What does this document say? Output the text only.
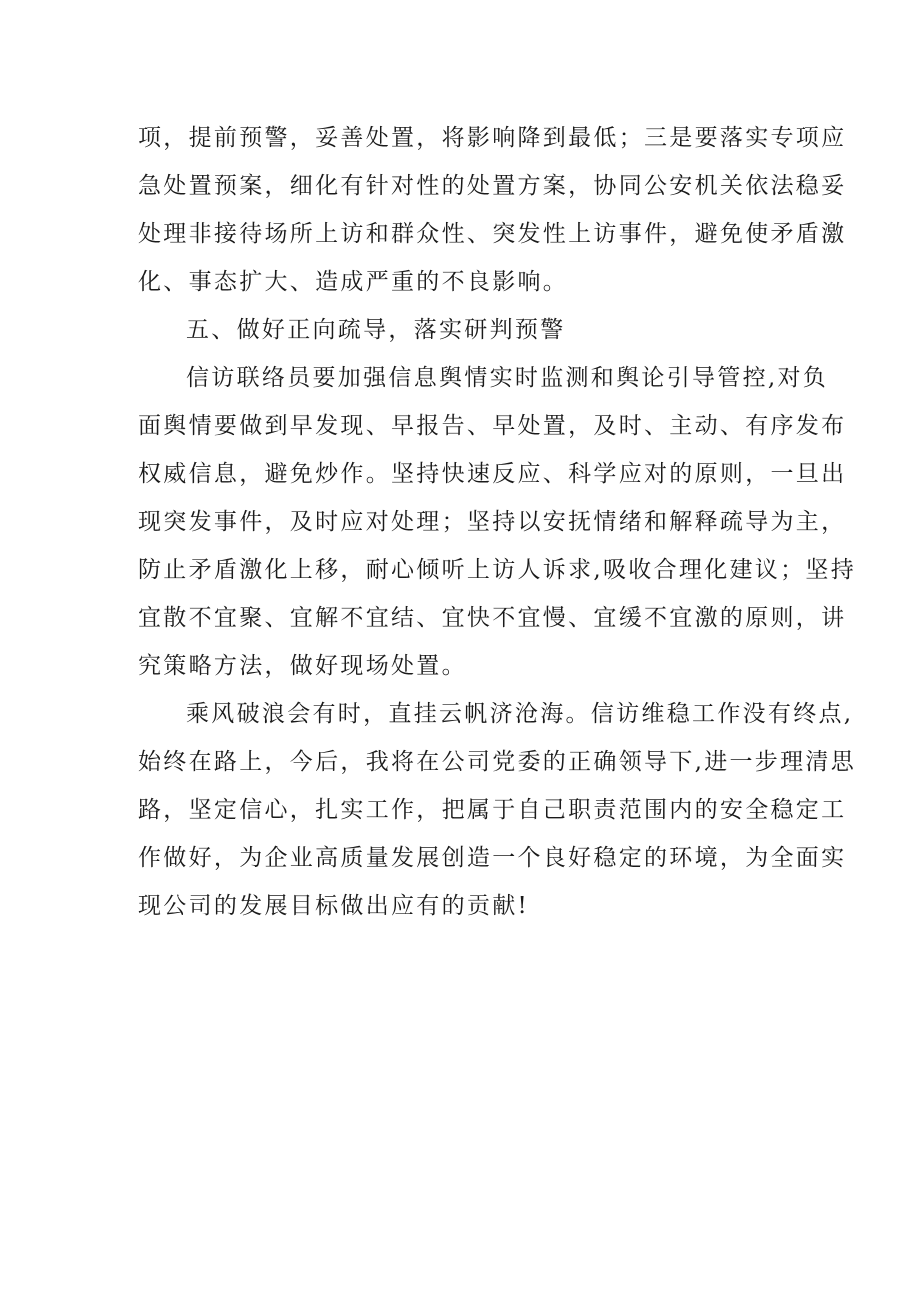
项，提前预警，妥善处置，将影响降到最低；三是要落实专项应
急处置预案，细化有针对性的处置方案，协同公安机关依法稳妥
处理非接待场所上访和群众性、突发性上访事件，避免使矛盾激
化、事态扩大、造成严重的不良影响。
五、做好正向疏导，落实研判预警
信访联络员要加强信息舆情实时监测和舆论引导管控,对负
面舆情要做到早发现、早报告、早处置，及时、主动、有序发布
权威信息，避免炒作。坚持快速反应、科学应对的原则，一旦出
现突发事件，及时应对处理；坚持以安抚情绪和解释疏导为主，
防止矛盾激化上移，耐心倾听上访人诉求,吸收合理化建议；坚持
宜散不宜聚、宜解不宜结、宜快不宜慢、宜缓不宜激的原则，讲
究策略方法，做好现场处置。
乘风破浪会有时，直挂云帆济沧海。信访维稳工作没有终点,
始终在路上，今后，我将在公司党委的正确领导下,进一步理清思
路，坚定信心，扎实工作，把属于自己职责范围内的安全稳定工
作做好，为企业高质量发展创造一个良好稳定的环境，为全面实
现公司的发展目标做出应有的贡献!
